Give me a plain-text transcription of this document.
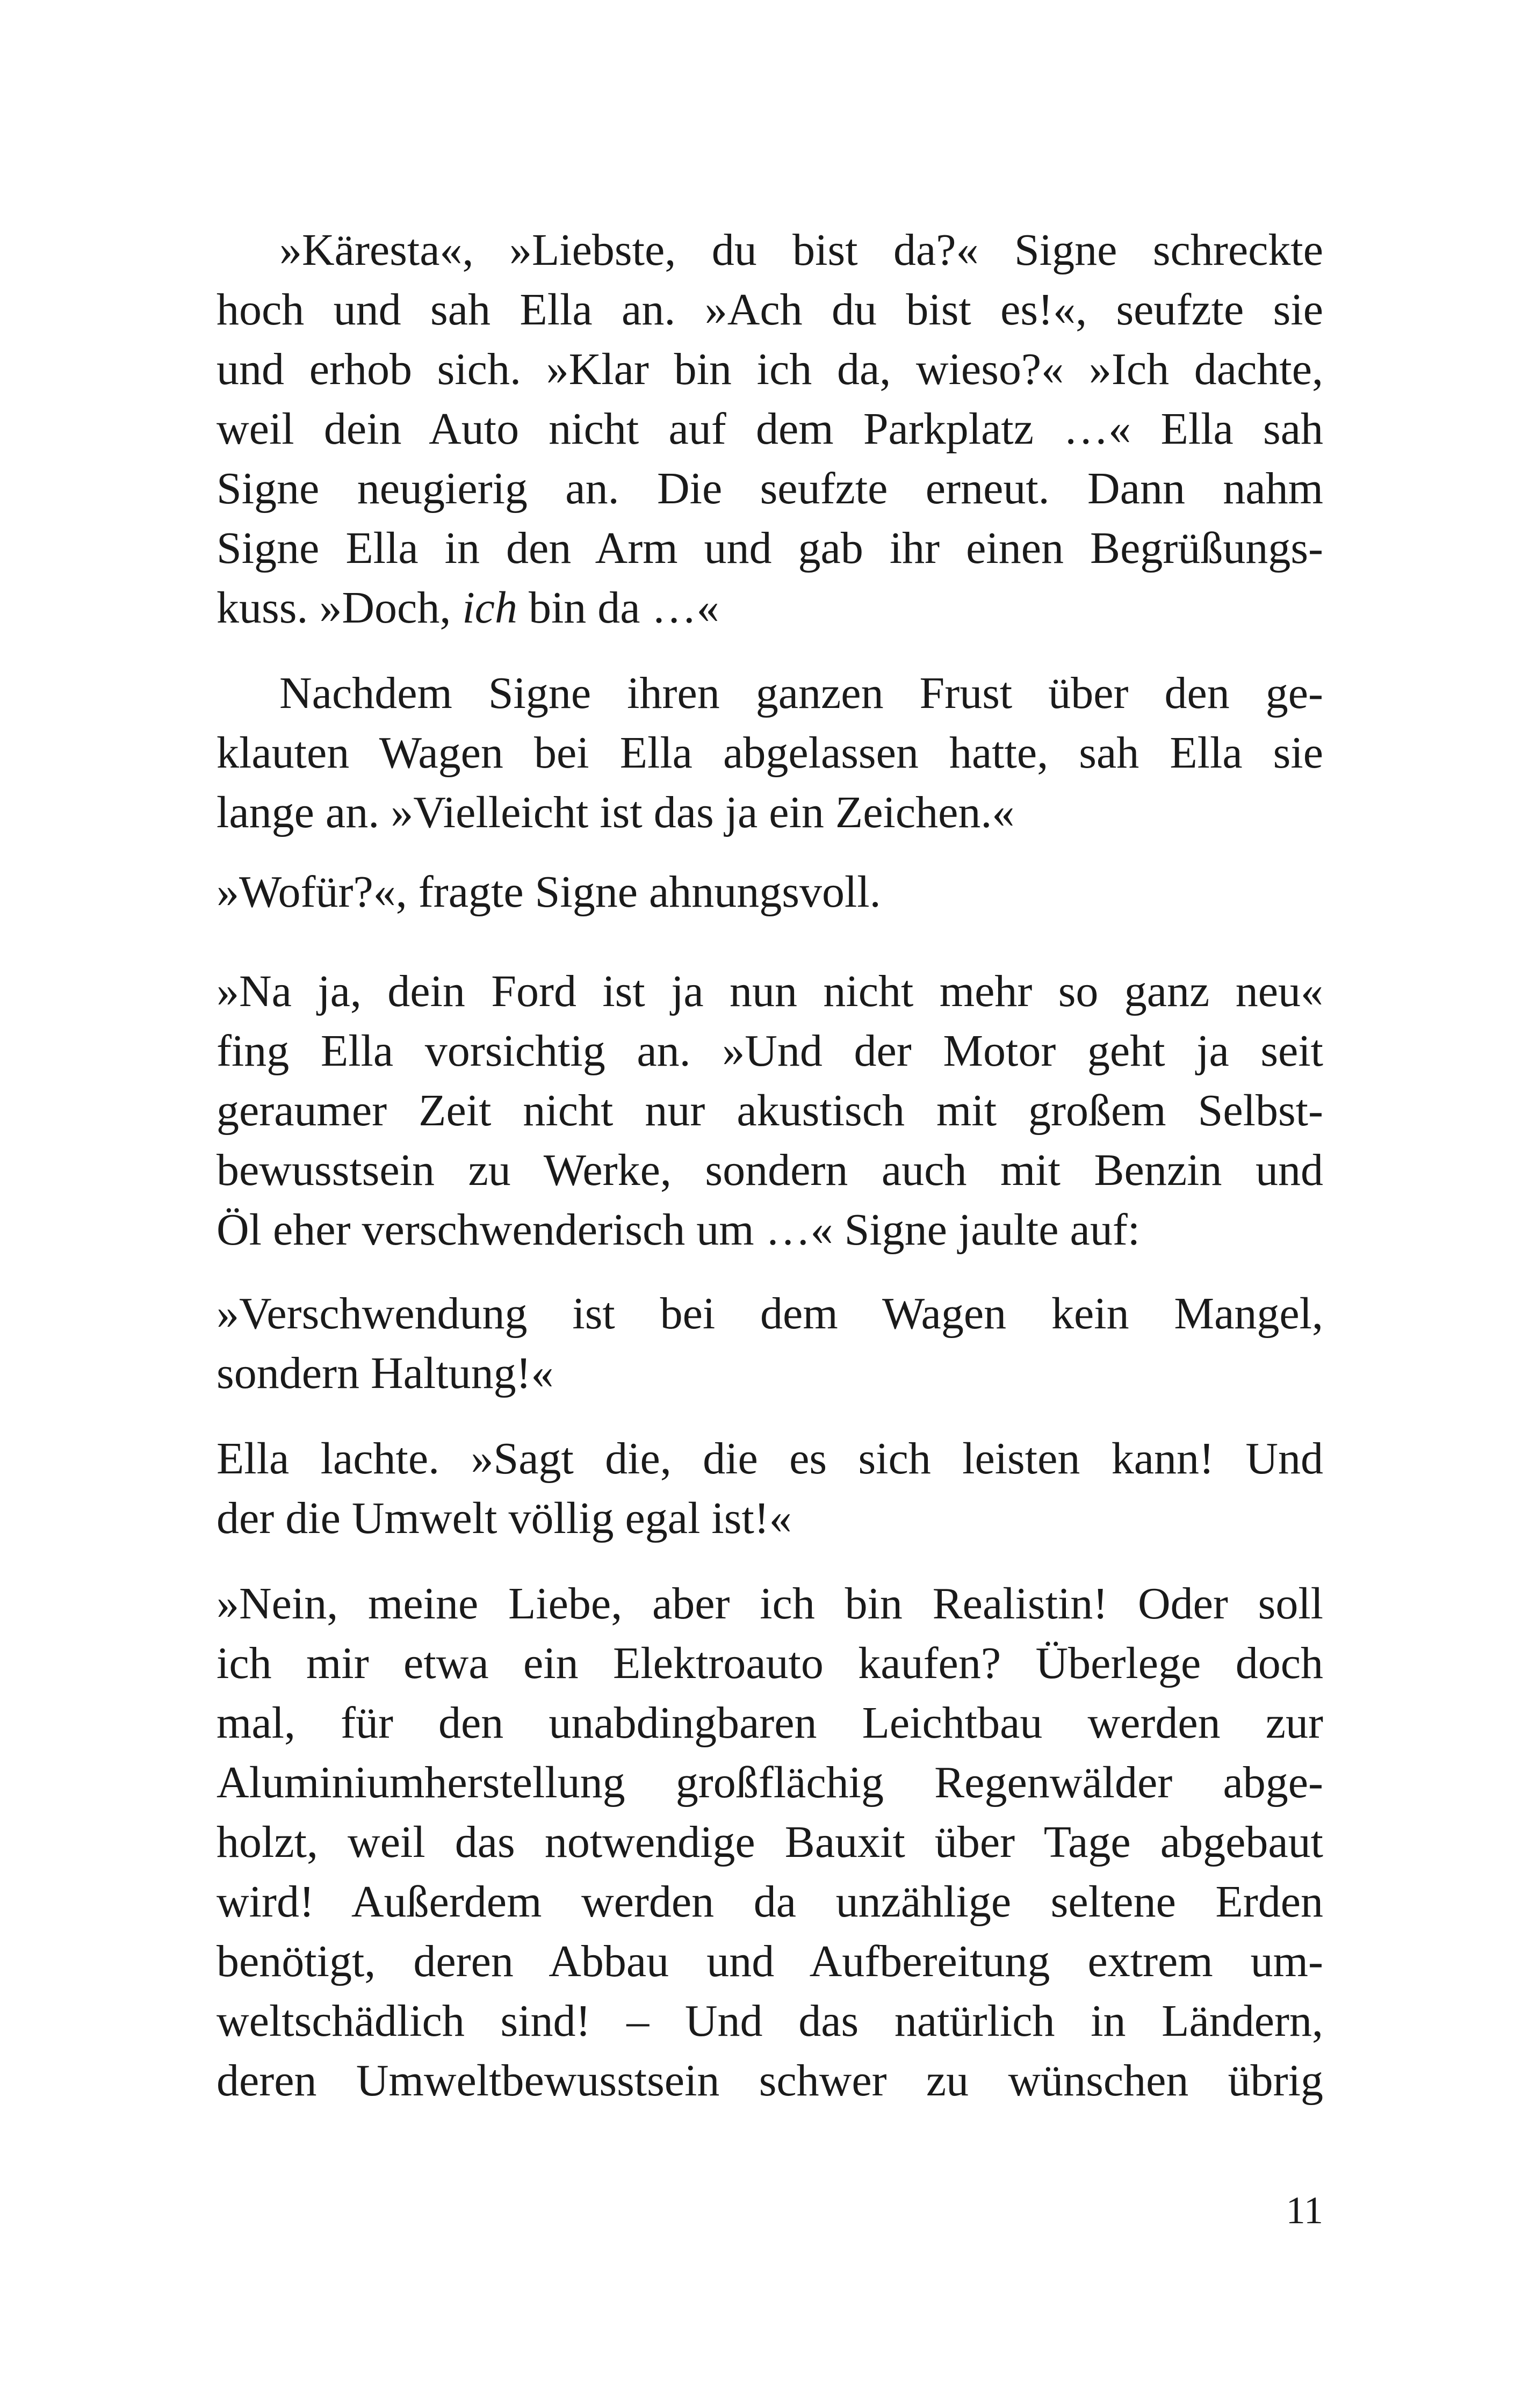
»Käresta«, »Liebste, du bist da?« Signe schreckte
hoch und sah Ella an. »Ach du bist es!«, seufzte sie
und erhob sich. »Klar bin ich da, wieso?« »Ich dachte,
weil dein Auto nicht auf dem Parkplatz …« Ella sah
Signe neugierig an. Die seufzte erneut. Dann nahm
Signe Ella in den Arm und gab ihr einen Begrüßungs-
kuss. »Doch, ich bin da …«
Nachdem Signe ihren ganzen Frust über den ge-
klauten Wagen bei Ella abgelassen hatte, sah Ella sie
lange an. »Vielleicht ist das ja ein Zeichen.«
»Wofür?«, fragte Signe ahnungsvoll.
»Na ja, dein Ford ist ja nun nicht mehr so ganz neu«
fing Ella vorsichtig an. »Und der Motor geht ja seit
geraumer Zeit nicht nur akustisch mit großem Selbst-
bewusstsein zu Werke, sondern auch mit Benzin und
Öl eher verschwenderisch um …« Signe jaulte auf:
»Verschwendung ist bei dem Wagen kein Mangel,
sondern Haltung!«
Ella lachte. »Sagt die, die es sich leisten kann! Und
der die Umwelt völlig egal ist!«
»Nein, meine Liebe, aber ich bin Realistin! Oder soll
ich mir etwa ein Elektroauto kaufen? Überlege doch
mal, für den unabdingbaren Leichtbau werden zur
Aluminiumherstellung großflächig Regenwälder abge-
holzt, weil das notwendige Bauxit über Tage abgebaut
wird! Außerdem werden da unzählige seltene Erden
benötigt, deren Abbau und Aufbereitung extrem um-
weltschädlich sind! – Und das natürlich in Ländern,
deren Umweltbewusstsein schwer zu wünschen übrig
11
